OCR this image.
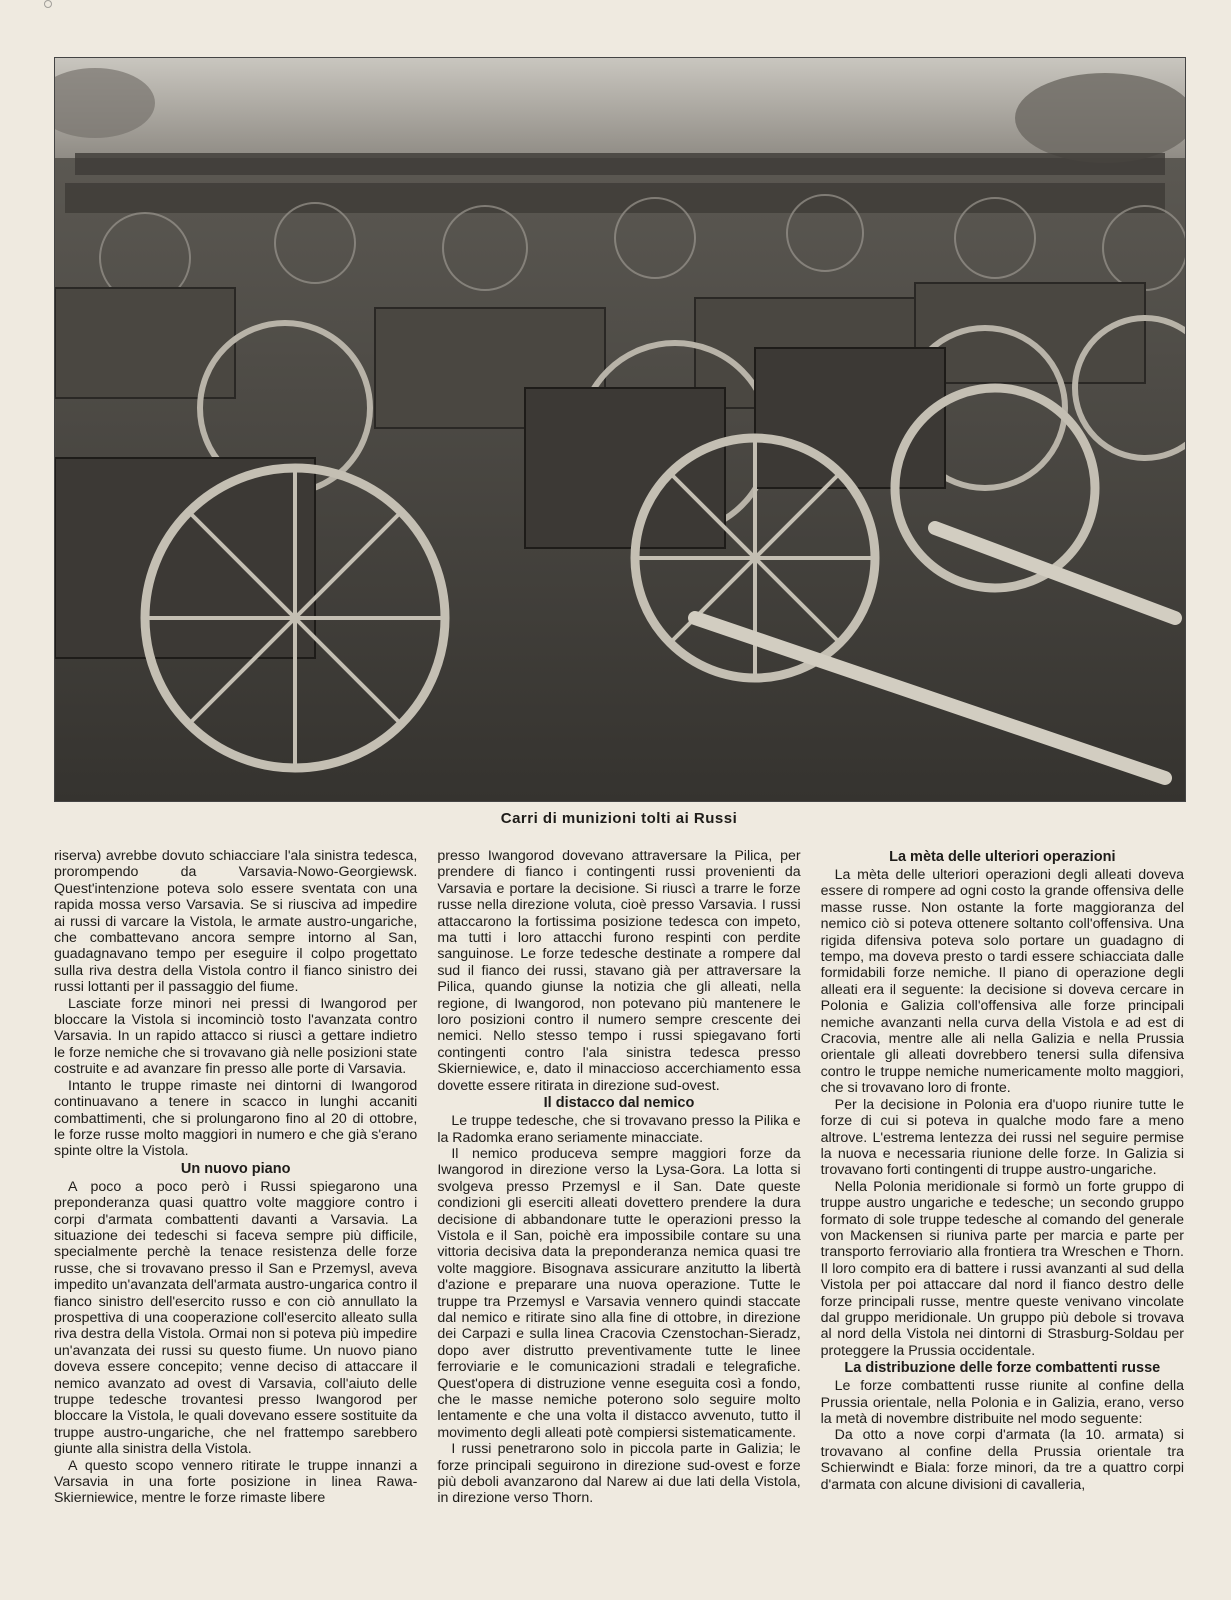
Carri di munizioni tolti ai Russi

riserva) avrebbe dovuto schiacciare l'ala sinistra tedesca, prorompendo da Varsavia-Nowo-Georgiewsk. Quest'intenzione poteva solo essere sventata con una rapida mossa verso Varsavia. Se si riusciva ad impedire ai russi di varcare la Vistola, le armate austro-ungariche, che combattevano ancora sempre intorno al San, guadagnavano tempo per eseguire il colpo progettato sulla riva destra della Vistola contro il fianco sinistro dei russi lottanti per il passaggio del fiume.

Lasciate forze minori nei pressi di Iwangorod per bloccare la Vistola si incominciò tosto l'avanzata contro Varsavia. In un rapido attacco si riuscì a gettare indietro le forze nemiche che si trovavano già nelle posizioni state costruite e ad avanzare fin presso alle porte di Varsavia.

Intanto le truppe rimaste nei dintorni di Iwangorod continuavano a tenere in scacco in lunghi accaniti combattimenti, che si prolungarono fino al 20 di ottobre, le forze russe molto maggiori in numero e che già s'erano spinte oltre la Vistola.

Un nuovo piano

A poco a poco però i Russi spiegarono una preponderanza quasi quattro volte maggiore contro i corpi d'armata combattenti davanti a Varsavia. La situazione dei tedeschi si faceva sempre più difficile, specialmente perchè la tenace resistenza delle forze russe, che si trovavano presso il San e Przemysl, aveva impedito un'avanzata dell'armata austro-ungarica contro il fianco sinistro dell'esercito russo e con ciò annullato la prospettiva di una cooperazione coll'esercito alleato sulla riva destra della Vistola. Ormai non si poteva più impedire un'avanzata dei russi su questo fiume. Un nuovo piano doveva essere concepito; venne deciso di attaccare il nemico avanzato ad ovest di Varsavia, coll'aiuto delle truppe tedesche trovantesi presso Iwangorod per bloccare la Vistola, le quali dovevano essere sostituite da truppe austro-ungariche, che nel frattempo sarebbero giunte alla sinistra della Vistola.

A questo scopo vennero ritirate le truppe innanzi a Varsavia in una forte posizione in linea Rawa-Skierniewice, mentre le forze rimaste libere

presso Iwangorod dovevano attraversare la Pilica, per prendere di fianco i contingenti russi provenienti da Varsavia e portare la decisione. Si riuscì a trarre le forze russe nella direzione voluta, cioè presso Varsavia. I russi attaccarono la fortissima posizione tedesca con impeto, ma tutti i loro attacchi furono respinti con perdite sanguinose. Le forze tedesche destinate a rompere dal sud il fianco dei russi, stavano già per attraversare la Pilica, quando giunse la notizia che gli alleati, nella regione, di Iwangorod, non potevano più mantenere le loro posizioni contro il numero sempre crescente dei nemici. Nello stesso tempo i russi spiegavano forti contingenti contro l'ala sinistra tedesca presso Skierniewice, e, dato il minaccioso accerchiamento essa dovette essere ritirata in direzione sud-ovest.

Il distacco dal nemico

Le truppe tedesche, che si trovavano presso la Pilika e la Radomka erano seriamente minacciate.

Il nemico produceva sempre maggiori forze da Iwangorod in direzione verso la Lysa-Gora. La lotta si svolgeva presso Przemysl e il San. Date queste condizioni gli eserciti alleati dovettero prendere la dura decisione di abbandonare tutte le operazioni presso la Vistola e il San, poichè era impossibile contare su una vittoria decisiva data la preponderanza nemica quasi tre volte maggiore. Bisognava assicurare anzitutto la libertà d'azione e preparare una nuova operazione. Tutte le truppe tra Przemysl e Varsavia vennero quindi staccate dal nemico e ritirate sino alla fine di ottobre, in direzione dei Carpazi e sulla linea Cracovia Czenstochan-Sieradz, dopo aver distrutto preventivamente tutte le linee ferroviarie e le comunicazioni stradali e telegrafiche. Quest'opera di distruzione venne eseguita così a fondo, che le masse nemiche poterono solo seguire molto lentamente e che una volta il distacco avvenuto, tutto il movimento degli alleati potè compiersi sistematicamente.

I russi penetrarono solo in piccola parte in Galizia; le forze principali seguirono in direzione sud-ovest e forze più deboli avanzarono dal Narew ai due lati della Vistola, in direzione verso Thorn.

La mèta delle ulteriori operazioni

La mèta delle ulteriori operazioni degli alleati doveva essere di rompere ad ogni costo la grande offensiva delle masse russe. Non ostante la forte maggioranza del nemico ciò si poteva ottenere soltanto coll'offensiva. Una rigida difensiva poteva solo portare un guadagno di tempo, ma doveva presto o tardi essere schiacciata dalle formidabili forze nemiche. Il piano di operazione degli alleati era il seguente: la decisione si doveva cercare in Polonia e Galizia coll'offensiva alle forze principali nemiche avanzanti nella curva della Vistola e ad est di Cracovia, mentre alle ali nella Galizia e nella Prussia orientale gli alleati dovrebbero tenersi sulla difensiva contro le truppe nemiche numericamente molto maggiori, che si trovavano loro di fronte.

Per la decisione in Polonia era d'uopo riunire tutte le forze di cui si poteva in qualche modo fare a meno altrove. L'estrema lentezza dei russi nel seguire permise la nuova e necessaria riunione delle forze. In Galizia si trovavano forti contingenti di truppe austro-ungariche.

Nella Polonia meridionale si formò un forte gruppo di truppe austro ungariche e tedesche; un secondo gruppo formato di sole truppe tedesche al comando del generale von Mackensen si riuniva parte per marcia e parte per transporto ferroviario alla frontiera tra Wreschen e Thorn. Il loro compito era di battere i russi avanzanti al sud della Vistola per poi attaccare dal nord il fianco destro delle forze principali russe, mentre queste venivano vincolate dal gruppo meridionale. Un gruppo più debole si trovava al nord della Vistola nei dintorni di Strasburg-Soldau per proteggere la Prussia occidentale.

La distribuzione delle forze combattenti russe

Le forze combattenti russe riunite al confine della Prussia orientale, nella Polonia e in Galizia, erano, verso la metà di novembre distribuite nel modo seguente:

Da otto a nove corpi d'armata (la 10. armata) si trovavano al confine della Prussia orientale tra Schierwindt e Biala: forze minori, da tre a quattro corpi d'armata con alcune divisioni di cavalleria,
